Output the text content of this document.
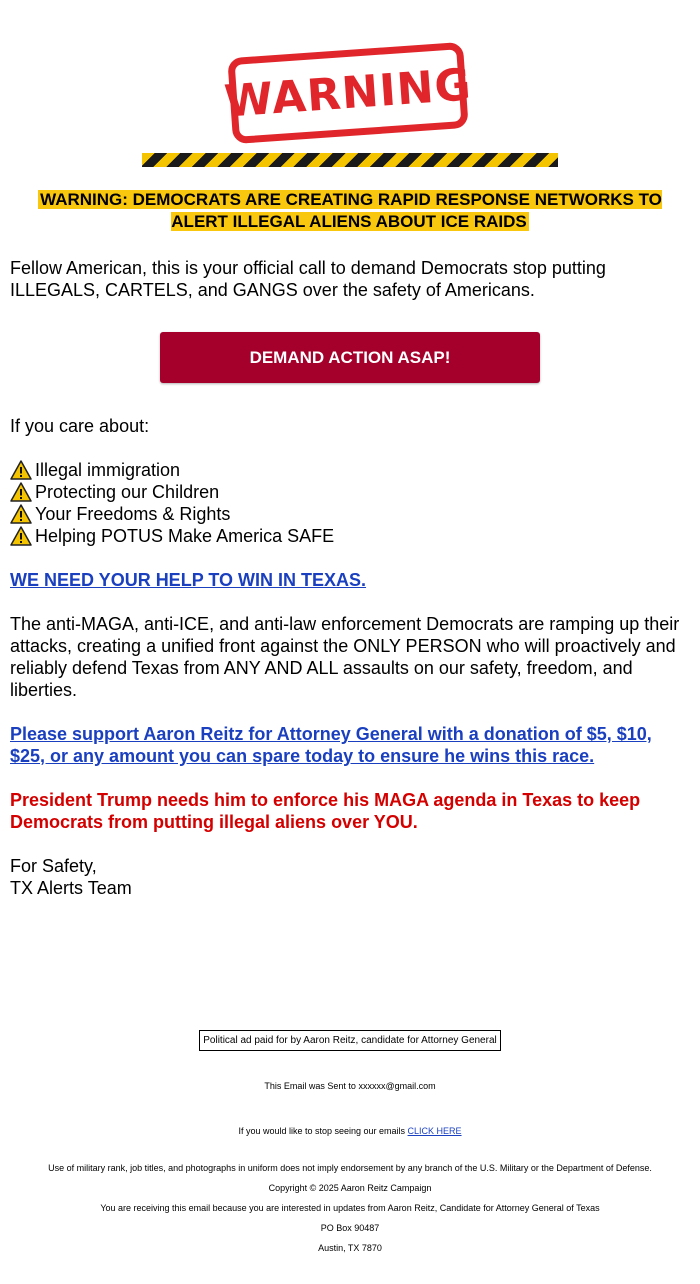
WARNING
WARNING: DEMOCRATS ARE CREATING RAPID RESPONSE NETWORKS TO ALERT ILLEGAL ALIENS ABOUT ICE RAIDS
Fellow American, this is your official call to demand Democrats stop putting ILLEGALS, CARTELS, and GANGS over the safety of Americans.
DEMAND ACTION ASAP!
If you care about:
Illegal immigration
Protecting our Children
Your Freedoms & Rights
Helping POTUS Make America SAFE
WE NEED YOUR HELP TO WIN IN TEXAS.
The anti-MAGA, anti-ICE, and anti-law enforcement Democrats are ramping up their attacks, creating a unified front against the ONLY PERSON who will proactively and reliably defend Texas from ANY AND ALL assaults on our safety, freedom, and liberties.
Please support Aaron Reitz for Attorney General with a donation of $5, $10, $25, or any amount you can spare today to ensure he wins this race.
President Trump needs him to enforce his MAGA agenda in Texas to keep Democrats from putting illegal aliens over YOU.
For Safety,
TX Alerts Team
Political ad paid for by Aaron Reitz, candidate for Attorney General
This Email was Sent to xxxxxx@gmail.com
If you would like to stop seeing our emails CLICK HERE
Use of military rank, job titles, and photographs in uniform does not imply endorsement by any branch of the U.S. Military or the Department of Defense.
Copyright © 2025 Aaron Reitz Campaign
You are receiving this email because you are interested in updates from Aaron Reitz, Candidate for Attorney General of Texas
PO Box 90487
Austin, TX 7870
